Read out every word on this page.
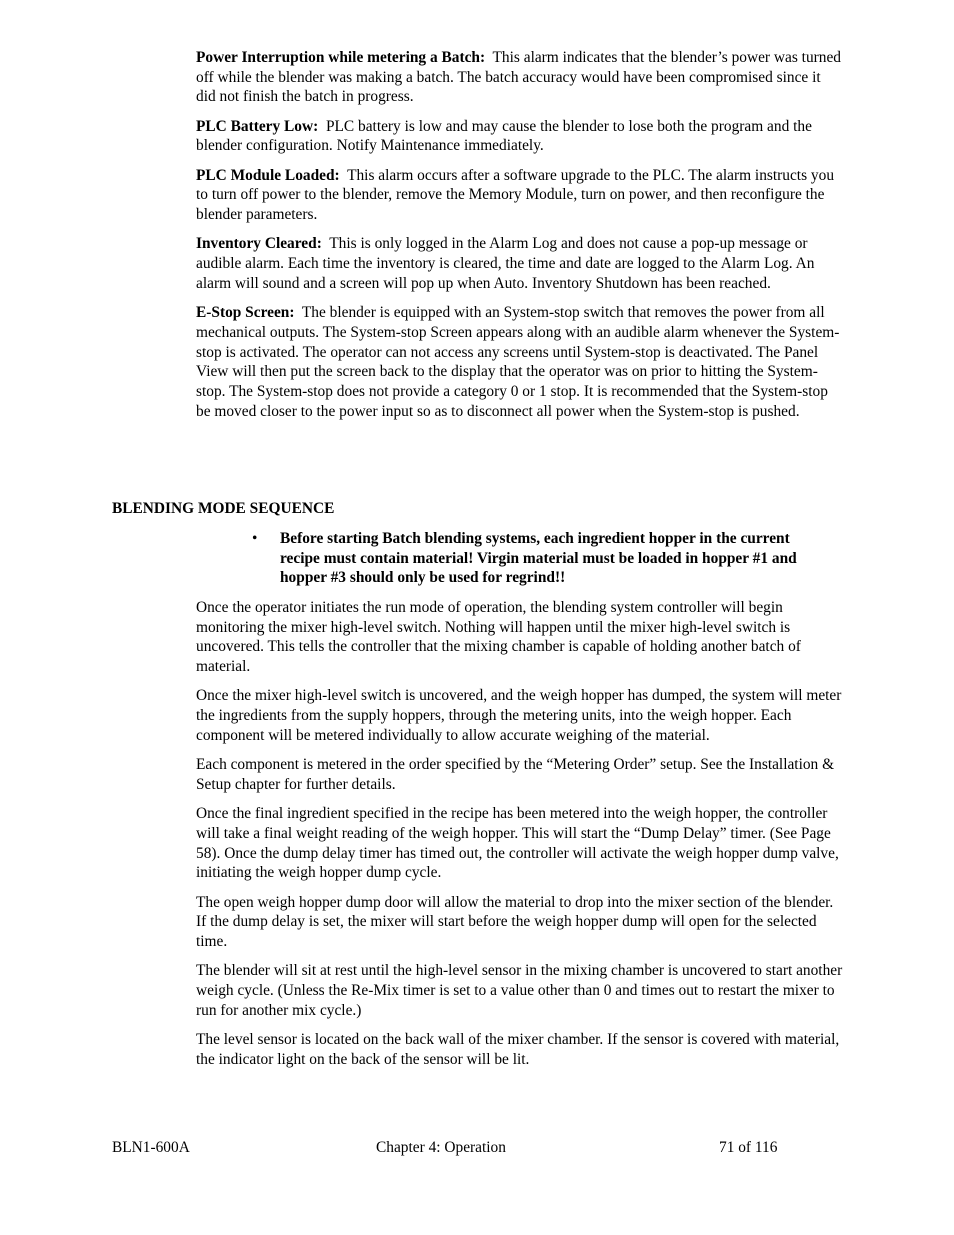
Power Interruption while metering a Batch: This alarm indicates that the blender’s power was turned off while the blender was making a batch. The batch accuracy would have been compromised since it did not finish the batch in progress.

PLC Battery Low: PLC battery is low and may cause the blender to lose both the program and the blender configuration. Notify Maintenance immediately.

PLC Module Loaded: This alarm occurs after a software upgrade to the PLC. The alarm instructs you to turn off power to the blender, remove the Memory Module, turn on power, and then reconfigure the blender parameters.

Inventory Cleared: This is only logged in the Alarm Log and does not cause a pop-up message or audible alarm. Each time the inventory is cleared, the time and date are logged to the Alarm Log. An alarm will sound and a screen will pop up when Auto. Inventory Shutdown has been reached.

E-Stop Screen: The blender is equipped with an System-stop switch that removes the power from all mechanical outputs. The System-stop Screen appears along with an audible alarm whenever the System-stop is activated. The operator can not access any screens until System-stop is deactivated. The Panel View will then put the screen back to the display that the operator was on prior to hitting the System-stop. The System-stop does not provide a category 0 or 1 stop. It is recommended that the System-stop be moved closer to the power input so as to disconnect all power when the System-stop is pushed.

BLENDING MODE SEQUENCE
•	Before starting Batch blending systems, each ingredient hopper in the current recipe must contain material! Virgin material must be loaded in hopper #1 and hopper #3 should only be used for regrind!!

Once the operator initiates the run mode of operation, the blending system controller will begin monitoring the mixer high-level switch. Nothing will happen until the mixer high-level switch is uncovered. This tells the controller that the mixing chamber is capable of holding another batch of material.

Once the mixer high-level switch is uncovered, and the weigh hopper has dumped, the system will meter the ingredients from the supply hoppers, through the metering units, into the weigh hopper. Each component will be metered individually to allow accurate weighing of the material.

Each component is metered in the order specified by the “Metering Order” setup. See the Installation & Setup chapter for further details.

Once the final ingredient specified in the recipe has been metered into the weigh hopper, the controller will take a final weight reading of the weigh hopper. This will start the “Dump Delay” timer. (See Page 58). Once the dump delay timer has timed out, the controller will activate the weigh hopper dump valve, initiating the weigh hopper dump cycle.

The open weigh hopper dump door will allow the material to drop into the mixer section of the blender. If the dump delay is set, the mixer will start before the weigh hopper dump will open for the selected time.

The blender will sit at rest until the high-level sensor in the mixing chamber is uncovered to start another weigh cycle. (Unless the Re-Mix timer is set to a value other than 0 and times out to restart the mixer to run for another mix cycle.)

The level sensor is located on the back wall of the mixer chamber. If the sensor is covered with material, the indicator light on the back of the sensor will be lit.

BLN1-600A	Chapter 4: Operation	71 of 116
